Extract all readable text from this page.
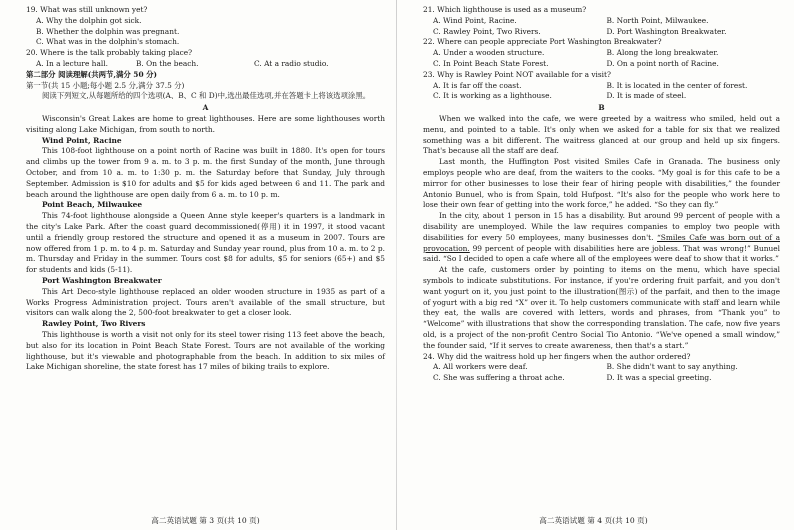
19. What was still unknown yet?

A. Why the dolphin got sick.

B. Whether the dolphin was pregnant.

C. What was in the dolphin's stomach.

20. Where is the talk probably taking place?

A. In a lecture hall.	B. On the beach.	C. At a radio studio.

第二部分 阅读理解(共两节,满分 50 分)

第一节(共 15 小题;每小题 2.5 分,满分 37.5 分)

阅读下列短文,从每题所给的四个选项(A、B、C 和 D)中,选出最佳选项,并在答题卡上将该选项涂黑。

A

Wisconsin's Great Lakes are home to great lighthouses. Here are some lighthouses worth visiting along Lake Michigan, from south to north.

Wind Point, Racine

This 108-foot lighthouse on a point north of Racine was built in 1880. It's open for tours and climbs up the tower from 9 a. m. to 3 p. m. the first Sunday of the month, June through October, and from 10 a. m. to 1:30 p. m. the Saturday before that Sunday, July through September. Admission is $10 for adults and $5 for kids aged between 6 and 11. The park and beach around the lighthouse are open daily from 6 a. m. to 10 p. m.

Point Beach, Milwaukee

This 74-foot lighthouse alongside a Queen Anne style keeper's quarters is a landmark in the city's Lake Park. After the coast guard decommissioned(停用) it in 1997, it stood vacant until a friendly group restored the structure and opened it as a museum in 2007. Tours are now offered from 1 p. m. to 4 p. m. Saturday and Sunday year round, plus from 10 a. m. to 2 p. m. Thursday and Friday in the summer. Tours cost $8 for adults, $5 for seniors (65+) and $5 for students and kids (5-11).

Port Washington Breakwater

This Art Deco-style lighthouse replaced an older wooden structure in 1935 as part of a Works Progress Administration project. Tours aren't available of the small structure, but visitors can walk along the 2, 500-foot breakwater to get a closer look.

Rawley Point, Two Rivers

This lighthouse is worth a visit not only for its steel tower rising 113 feet above the beach, but also for its location in Point Beach State Forest. Tours are not available of the working lighthouse, but it's viewable and photographable from the beach. In addition to six miles of Lake Michigan shoreline, the state forest has 17 miles of biking trails to explore.

高二英语试题 第 3 页(共 10 页)

21. Which lighthouse is used as a museum?

A. Wind Point, Racine.	B. North Point, Milwaukee.

C. Rawley Point, Two Rivers.	D. Port Washington Breakwater.

22. Where can people appreciate Port Washington Breakwater?

A. Under a wooden structure.	B. Along the long breakwater.

C. In Point Beach State Forest.	D. On a point north of Racine.

23. Why is Rawley Point NOT available for a visit?

A. It is far off the coast.	B. It is located in the center of forest.

C. It is working as a lighthouse.	D. It is made of steel.

B

When we walked into the cafe, we were greeted by a waitress who smiled, held out a menu, and pointed to a table. It's only when we asked for a table for six that we realized something was a bit different. The waitress glanced at our group and held up six fingers. That's because all the staff are deaf.

Last month, the Huffington Post visited Smiles Cafe in Granada. The business only employs people who are deaf, from the waiters to the cooks. “My goal is for this cafe to be a mirror for other businesses to lose their fear of hiring people with disabilities,” the founder Antonio Bunuel, who is from Spain, told Hufpost. “It's also for the people who work here to lose their own fear of getting into the work force,” he added. “So they can fly.”

In the city, about 1 person in 15 has a disability. But around 99 percent of people with a disability are unemployed. While the law requires companies to employ two people with disabilities for every 50 employees, many businesses don't. “Smiles Cafe was born out of a provocation. 99 percent of people with disabilities here are jobless. That was wrong!” Bunuel said. “So I decided to open a cafe where all of the employees were deaf to show that it works.”

At the cafe, customers order by pointing to items on the menu, which have special symbols to indicate substitutions. For instance, if you're ordering fruit parfait, and you don't want yogurt on it, you just point to the illustration(图示) of the parfait, and then to the image of yogurt with a big red “X” over it. To help customers communicate with staff and learn while they eat, the walls are covered with letters, words and phrases, from “Thank you” to “Welcome” with illustrations that show the corresponding translation. The cafe, now five years old, is a project of the non-profit Centro Social Tio Antonio. “We've opened a small window,” the founder said, “If it serves to create awareness, then that's a start.”

24. Why did the waitress hold up her fingers when the author ordered?

A. All workers were deaf.	B. She didn't want to say anything.

C. She was suffering a throat ache.	D. It was a special greeting.

高二英语试题 第 4 页(共 10 页)
